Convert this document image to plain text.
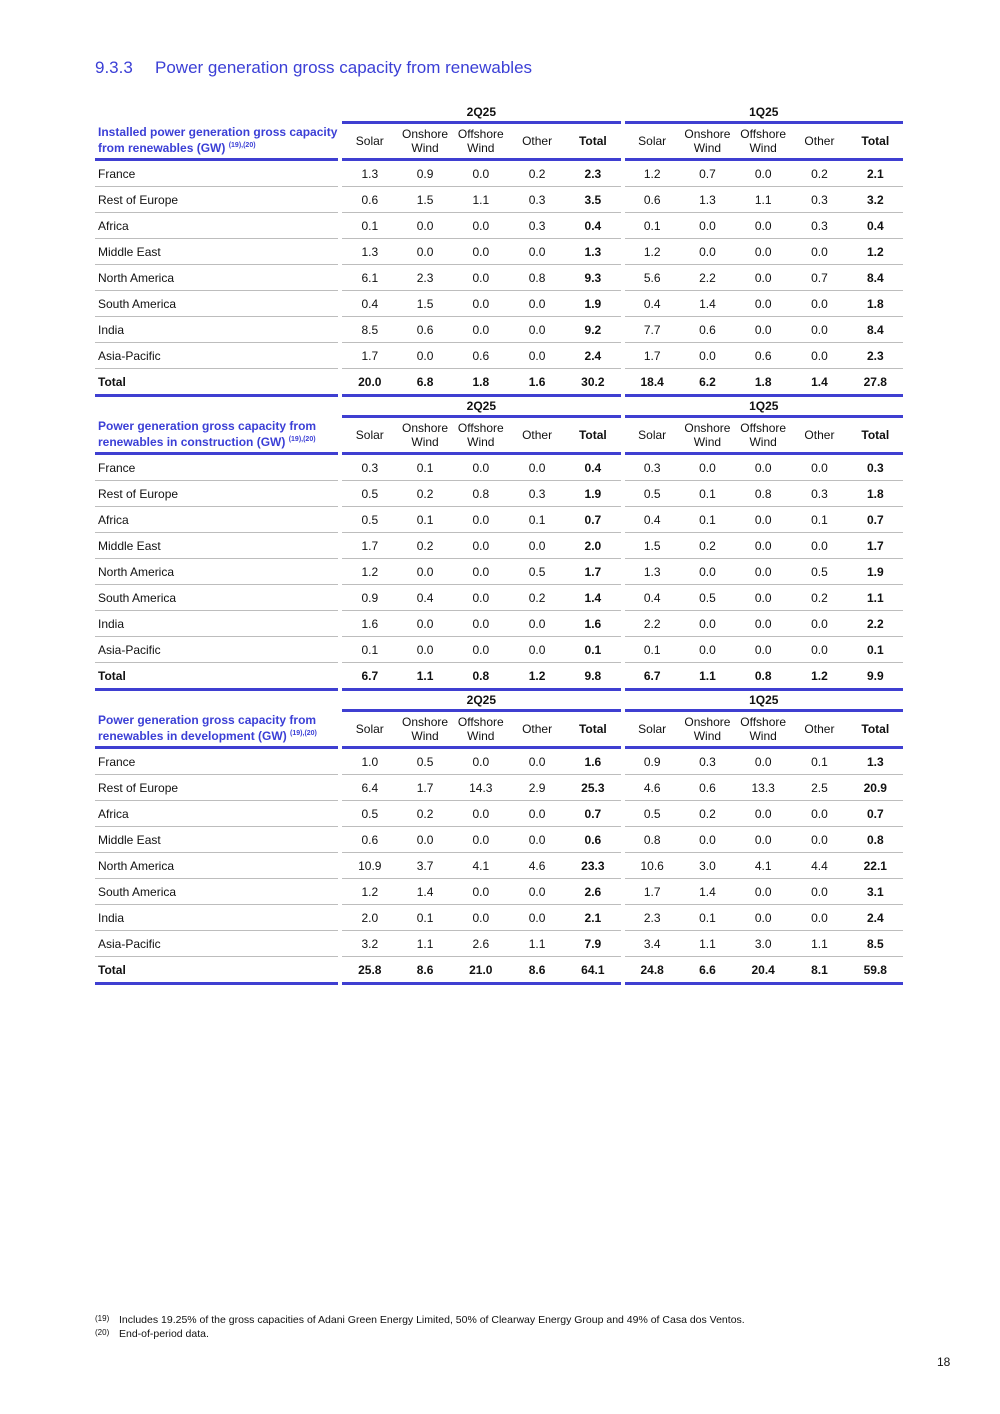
9.3.3 Power generation gross capacity from renewables
		2Q25						1Q25				
Installed power generation gross capacity from renewables (GW) $^{(19),(20)}$		Solar	Onshore Wind	Offshore Wind	Other	Total		Solar	Onshore Wind	Offshore Wind	Other	Total
France		1.3	0.9	0.0	0.2	2.3		1.2	0.7	0.0	0.2	2.1
Rest of Europe		0.6	1.5	1.1	0.3	3.5		0.6	1.3	1.1	0.3	3.2
Africa		0.1	0.0	0.0	0.3	0.4		0.1	0.0	0.0	0.3	0.4
Middle East		1.3	0.0	0.0	0.0	1.3		1.2	0.0	0.0	0.0	1.2
North America		6.1	2.3	0.0	0.8	9.3		5.6	2.2	0.0	0.7	8.4
South America		0.4	1.5	0.0	0.0	1.9		0.4	1.4	0.0	0.0	1.8
India		8.5	0.6	0.0	0.0	9.2		7.7	0.6	0.0	0.0	8.4
Asia-Pacific		1.7	0.0	0.6	0.0	2.4		1.7	0.0	0.6	0.0	2.3
Total		20.0	6.8	1.8	1.6	30.2		18.4	6.2	1.8	1.4	27.8
		2Q25						1Q25				
Power generation gross capacity from renewables in construction (GW) $^{(19),(20)}$		Solar	Onshore Wind	Offshore Wind	Other	Total		Solar	Onshore Wind	Offshore Wind	Other	Total
France		0.3	0.1	0.0	0.0	0.4		0.3	0.0	0.0	0.0	0.3
Rest of Europe		0.5	0.2	0.8	0.3	1.9		0.5	0.1	0.8	0.3	1.8
Africa		0.5	0.1	0.0	0.1	0.7		0.4	0.1	0.0	0.1	0.7
Middle East		1.7	0.2	0.0	0.0	2.0		1.5	0.2	0.0	0.0	1.7
North America		1.2	0.0	0.0	0.5	1.7		1.3	0.0	0.0	0.5	1.9
South America		0.9	0.4	0.0	0.2	1.4		0.4	0.5	0.0	0.2	1.1
India		1.6	0.0	0.0	0.0	1.6		2.2	0.0	0.0	0.0	2.2
Asia-Pacific		0.1	0.0	0.0	0.0	0.1		0.1	0.0	0.0	0.0	0.1
Total		6.7	1.1	0.8	1.2	9.8		6.7	1.1	0.8	1.2	9.9
		2Q25						1Q25				
Power generation gross capacity from renewables in development (GW) $^{(19),(20)}$		Solar	Onshore Wind	Offshore Wind	Other	Total		Solar	Onshore Wind	Offshore Wind	Other	Total
France		1.0	0.5	0.0	0.0	1.6		0.9	0.3	0.0	0.1	1.3
Rest of Europe		6.4	1.7	14.3	2.9	25.3		4.6	0.6	13.3	2.5	20.9
Africa		0.5	0.2	0.0	0.0	0.7		0.5	0.2	0.0	0.0	0.7
Middle East		0.6	0.0	0.0	0.0	0.6		0.8	0.0	0.0	0.0	0.8
North America		10.9	3.7	4.1	4.6	23.3		10.6	3.0	4.1	4.4	22.1
South America		1.2	1.4	0.0	0.0	2.6		1.7	1.4	0.0	0.0	3.1
India		2.0	0.1	0.0	0.0	2.1		2.3	0.1	0.0	0.0	2.4
Asia-Pacific		3.2	1.1	2.6	1.1	7.9		3.4	1.1	3.0	1.1	8.5
Total		25.8	8.6	21.0	8.6	64.1		24.8	6.6	20.4	8.1	59.8
(19) Includes 19.25% of the gross capacities of Adani Green Energy Limited, 50% of Clearway Energy Group and 49% of Casa dos Ventos.
(20) End-of-period data.
18
